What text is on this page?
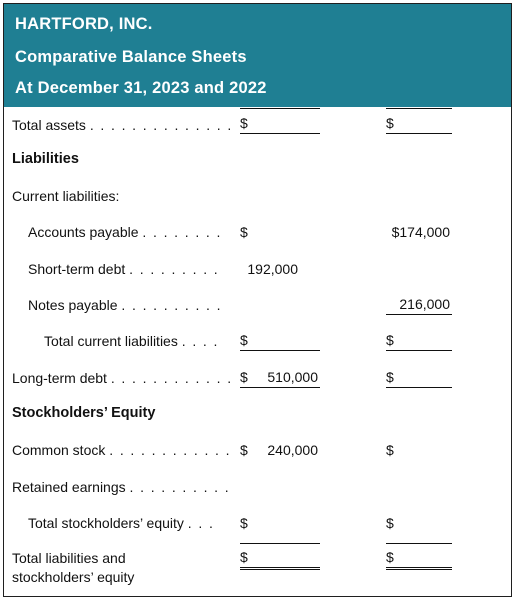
HARTFORD, INC.
Comparative Balance Sheets
At December 31, 2023 and 2022
Total assets . . . . . . . . . . . . . . $	$
Liabilities
Current liabilities:
Accounts payable . . . . . . . . $	$174,000
Short-term debt . . . . . . . . . 192,000
Notes payable . . . . . . . . . .	216,000
Total current liabilities . . . . $	$
Long-term debt . . . . . . . . . . . . $ 510,000	$
Stockholders’ Equity
Common stock . . . . . . . . . . . . $ 240,000	$
Retained earnings . . . . . . . . . .
Total stockholders’ equity . . . $	$
Total liabilities and
stockholders’ equity
$	$
